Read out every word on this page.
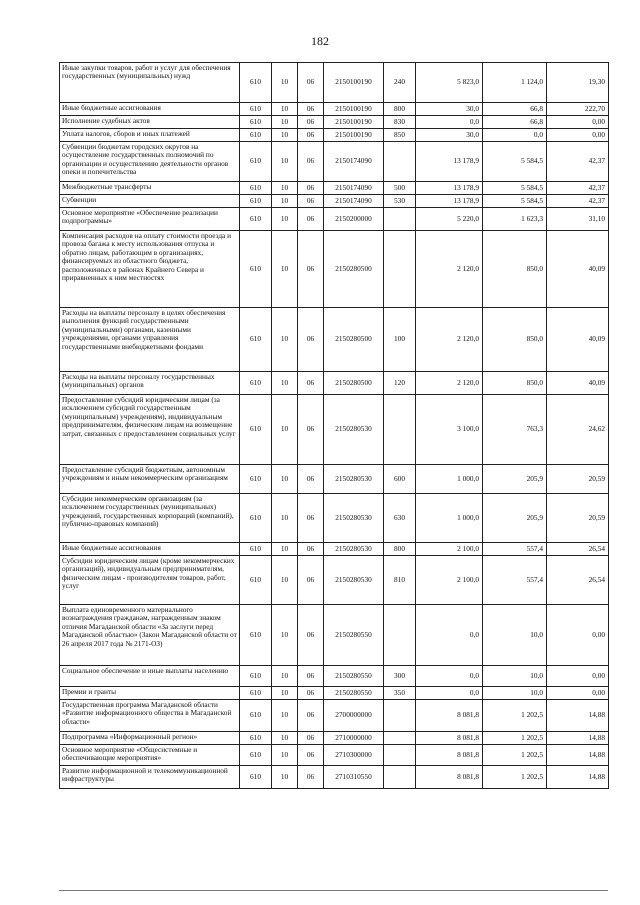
182
Иные закупки товаров, работ и услуг для обеспечения государственных (муниципальных) нужд	610	10	06	2150100190	240	5 823,0	1 124,0	19,30
Иные бюджетные ассигнования	610	10	06	2150100190	800	30,0	66,8	222,70
Исполнение судебных актов	610	10	06	2150100190	830	0,0	66,8	0,00
Уплата налогов, сборов и иных платежей	610	10	06	2150100190	850	30,0	0,0	0,00
Субвенции бюджетам городских округов на осуществление государственных полномочий по организации и осуществлению деятельности органов опеки и попечительства	610	10	06	2150174090		13 178,9	5 584,5	42,37
Межбюджетные трансферты	610	10	06	2150174090	500	13 178,9	5 584,5	42,37
Субвенции	610	10	06	2150174090	530	13 178,9	5 584,5	42,37
Основное мероприятие «Обеспечение реализации подпрограммы»	610	10	06	2150200000		5 220,0	1 623,3	31,10
Компенсация расходов на оплату стоимости проезда и провоза багажа к месту использования отпуска и обратно лицам, работающим в организациях, финансируемых из областного бюджета, расположенных в районах Крайнего Севера и приравненных к ним местностях	610	10	06	2150280500		2 120,0	850,0	40,09
Расходы на выплаты персоналу в целях обеспечения выполнения функций государственными (муниципальными) органами, казенными учреждениями, органами управления государственными внебюджетными фондами	610	10	06	2150280500	100	2 120,0	850,0	40,09
Расходы на выплаты персоналу государственных (муниципальных) органов	610	10	06	2150280500	120	2 120,0	850,0	40,09
Предоставление субсидий юридическим лицам (за исключением субсидий государственным (муниципальным) учреждениям), индивидуальным предпринимателям, физическим лицам на возмещение затрат, связанных с предоставлением социальных услуг	610	10	06	2150280530		3 100,0	763,3	24,62
Предоставление субсидий бюджетным, автономным учреждениям и иным некоммерческим организациям	610	10	06	2150280530	600	1 000,0	205,9	20,59
Субсидии некоммерческим организациям (за исключением государственных (муниципальных) учреждений, государственных корпораций (компаний), публично-правовых компаний)	610	10	06	2150280530	630	1 000,0	205,9	20,59
Иные бюджетные ассигнования	610	10	06	2150280530	800	2 100,0	557,4	26,54
Субсидии юридическим лицам (кроме некоммерческих организаций), индивидуальным предпринимателям, физическим лицам - производителям товаров, работ, услуг	610	10	06	2150280530	810	2 100,0	557,4	26,54
Выплата единовременного материального вознаграждения гражданам, награжденным знаком отличия Магаданской области «За заслуги перед Магаданской областью» (Закон Магаданской области от 26 апреля 2017 года № 2171-ОЗ)	610	10	06	2150280550		0,0	10,0	0,00
Социальное обеспечение и иные выплаты населению	610	10	06	2150280550	300	0,0	10,0	0,00
Премии и гранты	610	10	06	2150280550	350	0,0	10,0	0,00
Государственная программа Магаданской области «Развитие информационного общества в Магаданской области»	610	10	06	2700000000		8 081,8	1 202,5	14,88
Подпрограмма «Информационный регион»	610	10	06	2710000000		8 081,8	1 202,5	14,88
Основное мероприятие «Общесистемные и обеспечивающие мероприятия»	610	10	06	2710300000		8 081,8	1 202,5	14,88
Развитие информационной и телекоммуникационной инфраструктуры	610	10	06	2710310550		8 081,8	1 202,5	14,88
